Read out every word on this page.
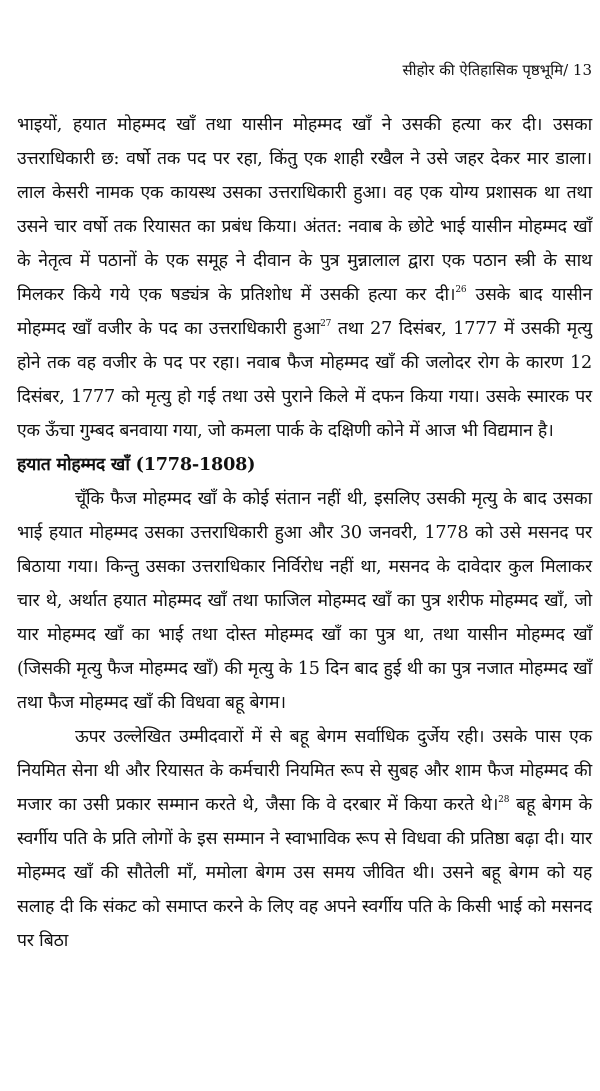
सीहोर की ऐतिहासिक पृष्ठभूमि/ 13

भाइयों, हयात मोहम्मद खाँ तथा यासीन मोहम्मद खाँ ने उसकी हत्या कर दी। उसका उत्तराधिकारी छ: वर्षो तक पद पर रहा, किंतु एक शाही रखैल ने उसे जहर देकर मार डाला। लाल केसरी नामक एक कायस्थ उसका उत्तराधिकारी हुआ। वह एक योग्य प्रशासक था तथा उसने चार वर्षो तक रियासत का प्रबंध किया। अंतत: नवाब के छोटे भाई यासीन मोहम्मद खाँ के नेतृत्व में पठानों के एक समूह ने दीवान के पुत्र मुन्नालाल द्वारा एक पठान स्त्री के साथ मिलकर किये गये एक षड्यंत्र के प्रतिशोध में उसकी हत्या कर दी।$^{26}$ उसके बाद यासीन मोहम्मद खाँ वजीर के पद का उत्तराधिकारी हुआ$^{27}$ तथा 27 दिसंबर, 1777 में उसकी मृत्यु होने तक वह वजीर के पद पर रहा। नवाब फैज मोहम्मद खाँ की जलोदर रोग के कारण 12 दिसंबर, 1777 को मृत्यु हो गई तथा उसे पुराने किले में दफन किया गया। उसके स्मारक पर एक ऊँचा गुम्बद बनवाया गया, जो कमला पार्क के दक्षिणी कोने में आज भी विद्यमान है।

हयात मोहम्मद खाँ (1778-1808)

चूँकि फैज मोहम्मद खाँ के कोई संतान नहीं थी, इसलिए उसकी मृत्यु के बाद उसका भाई हयात मोहम्मद उसका उत्तराधिकारी हुआ और 30 जनवरी, 1778 को उसे मसनद पर बिठाया गया। किन्तु उसका उत्तराधिकार निर्विरोध नहीं था, मसनद के दावेदार कुल मिलाकर चार थे, अर्थात हयात मोहम्मद खाँ तथा फाजिल मोहम्मद खाँ का पुत्र शरीफ मोहम्मद खाँ, जो यार मोहम्मद खाँ का भाई तथा दोस्त मोहम्मद खाँ का पुत्र था, तथा यासीन मोहम्मद खाँ (जिसकी मृत्यु फैज मोहम्मद खाँ) की मृत्यु के 15 दिन बाद हुई थी का पुत्र नजात मोहम्मद खाँ तथा फैज मोहम्मद खाँ की विधवा बहू बेगम।

ऊपर उल्लेखित उम्मीदवारों में से बहू बेगम सर्वाधिक दुर्जेय रही। उसके पास एक नियमित सेना थी और रियासत के कर्मचारी नियमित रूप से सुबह और शाम फैज मोहम्मद की मजार का उसी प्रकार सम्मान करते थे, जैसा कि वे दरबार में किया करते थे।$^{28}$ बहू बेगम के स्वर्गीय पति के प्रति लोगों के इस सम्मान ने स्वाभाविक रूप से विधवा की प्रतिष्ठा बढ़ा दी। यार मोहम्मद खाँ की सौतेली माँ, ममोला बेगम उस समय जीवित थी। उसने बहू बेगम को यह सलाह दी कि संकट को समाप्त करने के लिए वह अपने स्वर्गीय पति के किसी भाई को मसनद पर बिठा
